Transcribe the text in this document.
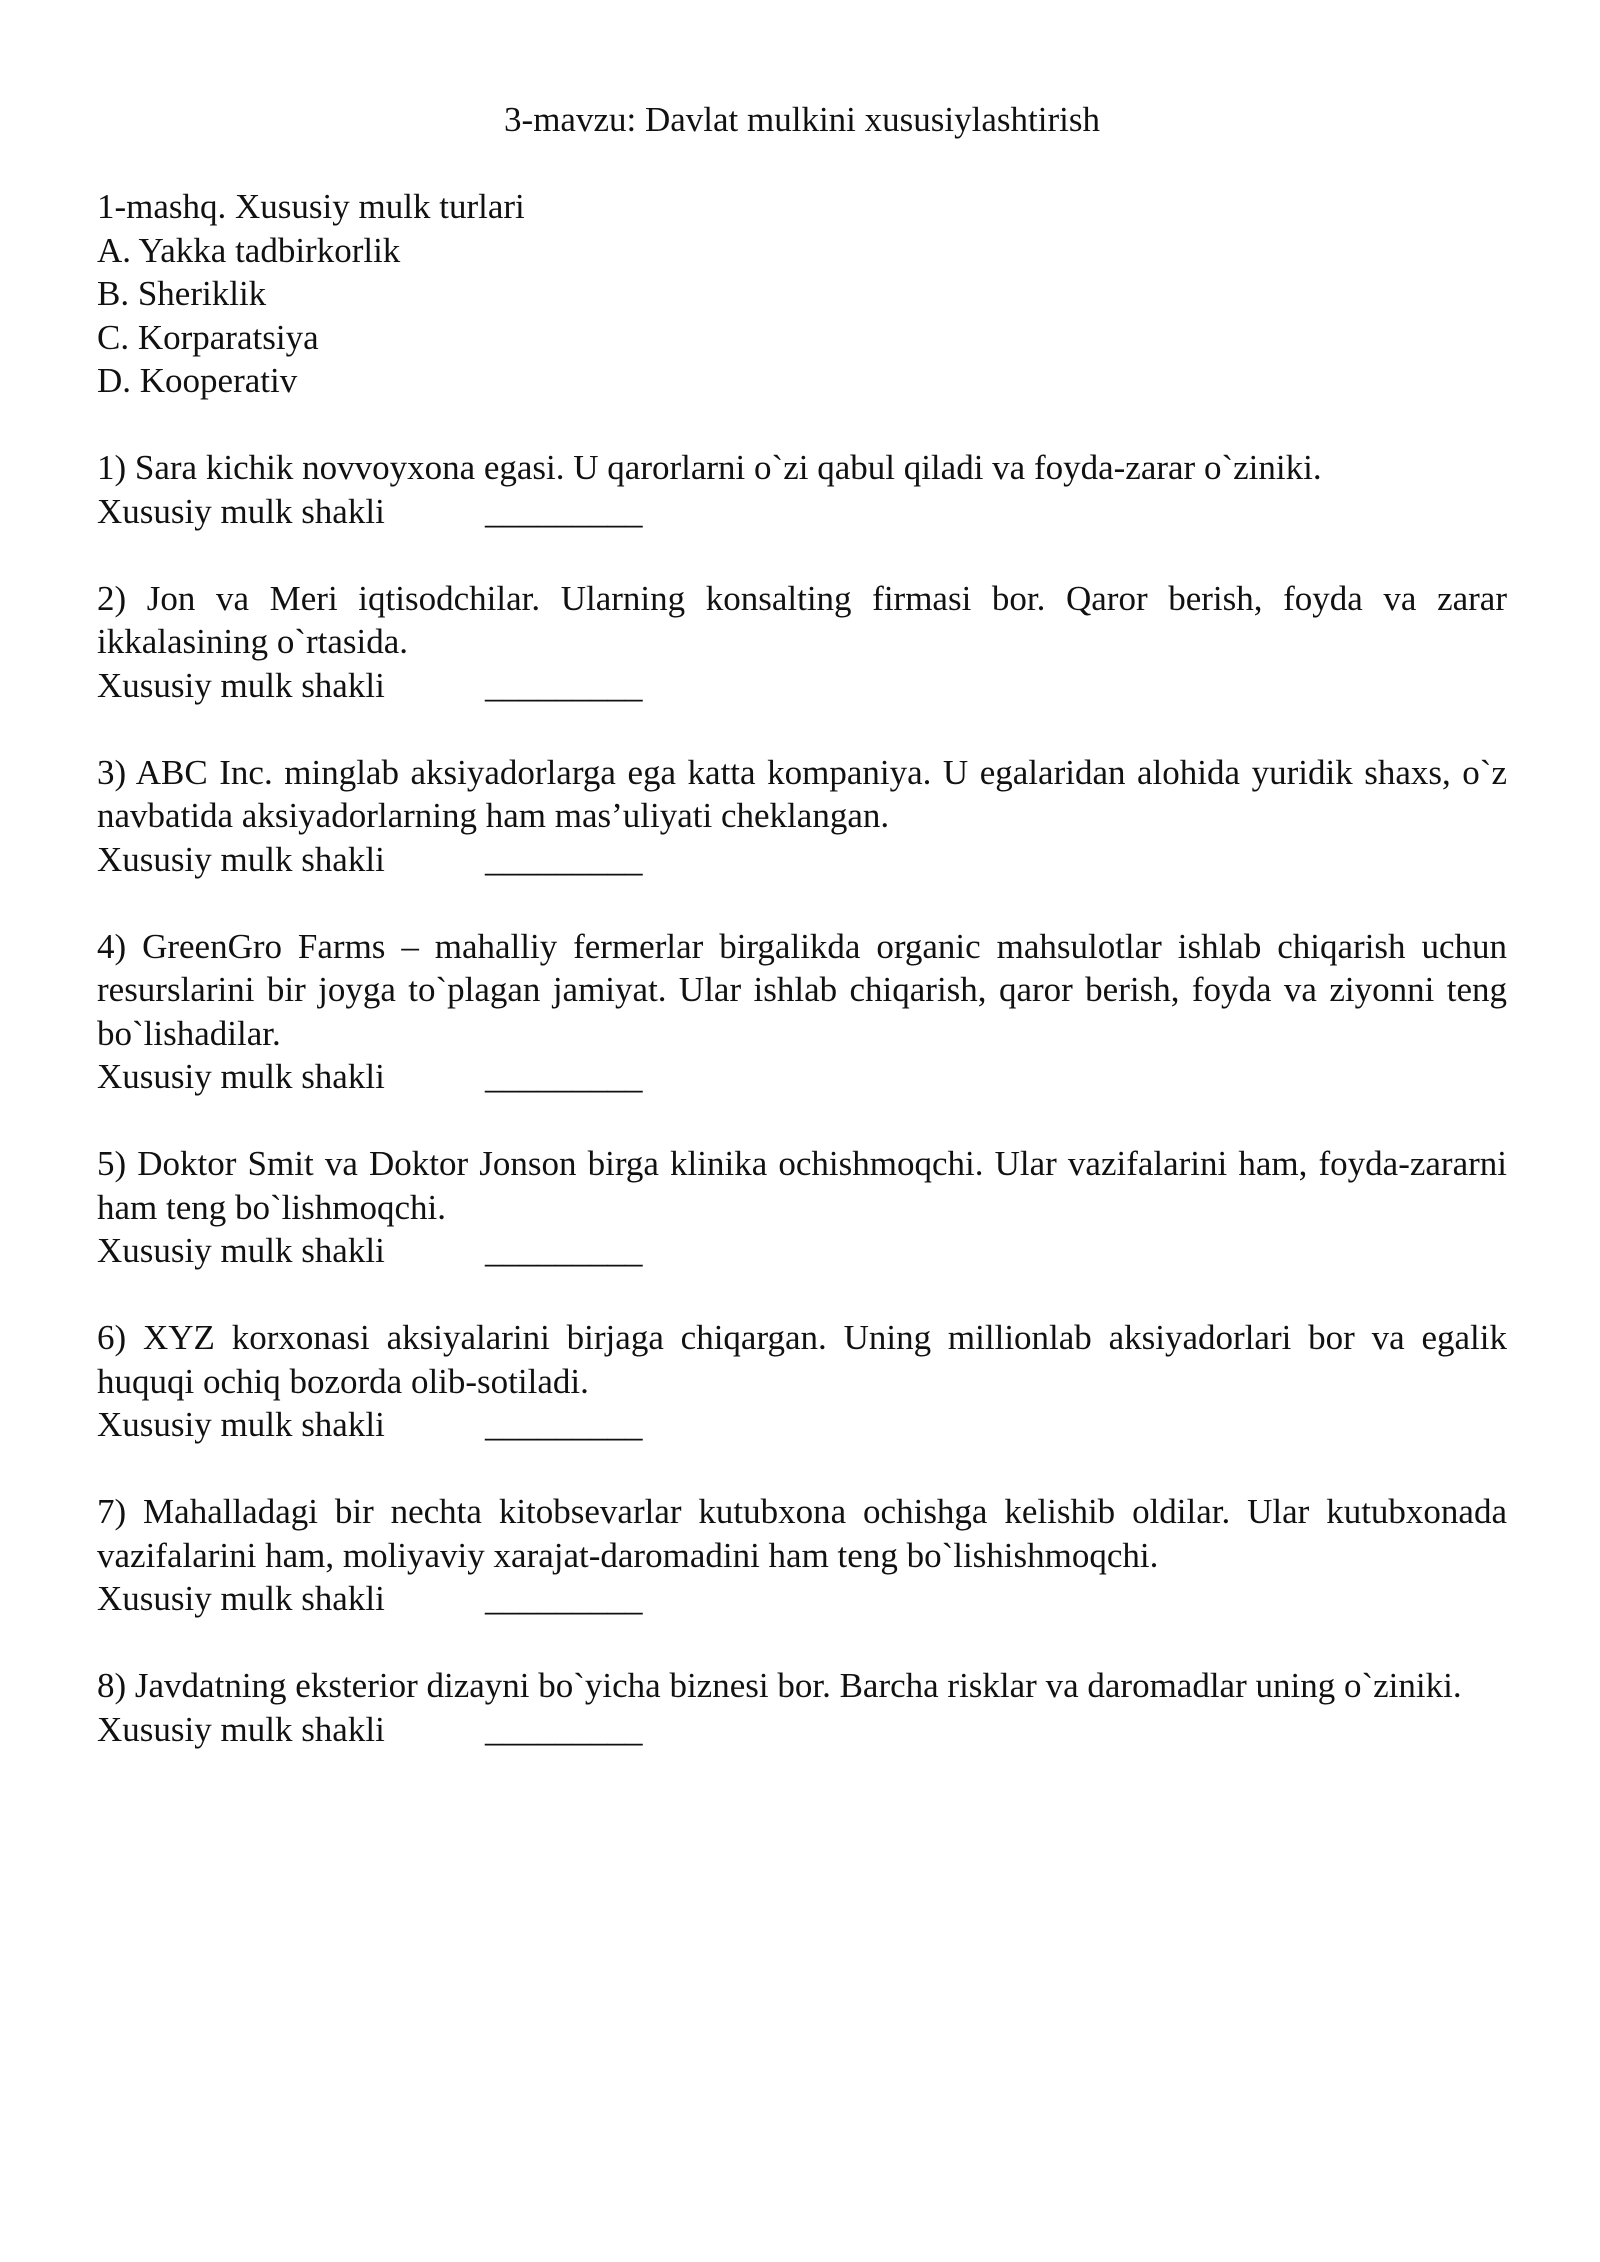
3-mavzu: Davlat mulkini xususiylashtirish

1-mashq. Xususiy mulk turlari

A. Yakka tadbirkorlik
B. Sheriklik
C. Korparatsiya
D. Kooperativ

1) Sara kichik novvoyxona egasi. U qarorlarni o`zi qabul qiladi va foyda-zarar o`ziniki.

Xususiy mulk shakli	_________

2) Jon va Meri iqtisodchilar. Ularning konsalting firmasi bor. Qaror berish, foyda va zarar ikkalasining o`rtasida.

Xususiy mulk shakli	_________

3) ABC Inc. minglab aksiyadorlarga ega katta kompaniya. U egalaridan alohida yuridik shaxs, o`z navbatida aksiyadorlarning ham mas’uliyati cheklangan.

Xususiy mulk shakli	_________

4) GreenGro Farms – mahalliy fermerlar birgalikda organic mahsulotlar ishlab chiqarish uchun resurslarini bir joyga to`plagan jamiyat. Ular ishlab chiqarish, qaror berish, foyda va ziyonni teng bo`lishadilar.

Xususiy mulk shakli	_________

5) Doktor Smit va Doktor Jonson birga klinika ochishmoqchi. Ular vazifalarini ham, foyda-zararni ham teng bo`lishmoqchi.

Xususiy mulk shakli	_________

6) XYZ korxonasi aksiyalarini birjaga chiqargan. Uning millionlab aksiyadorlari bor va egalik huquqi ochiq bozorda olib-sotiladi.

Xususiy mulk shakli	_________

7) Mahalladagi bir nechta kitobsevarlar kutubxona ochishga kelishib oldilar. Ular kutubxonada vazifalarini ham, moliyaviy xarajat-daromadini ham teng bo`lishishmoqchi.

Xususiy mulk shakli	_________

8) Javdatning eksterior dizayni bo`yicha biznesi bor. Barcha risklar va daromadlar uning o`ziniki.

Xususiy mulk shakli	_________
